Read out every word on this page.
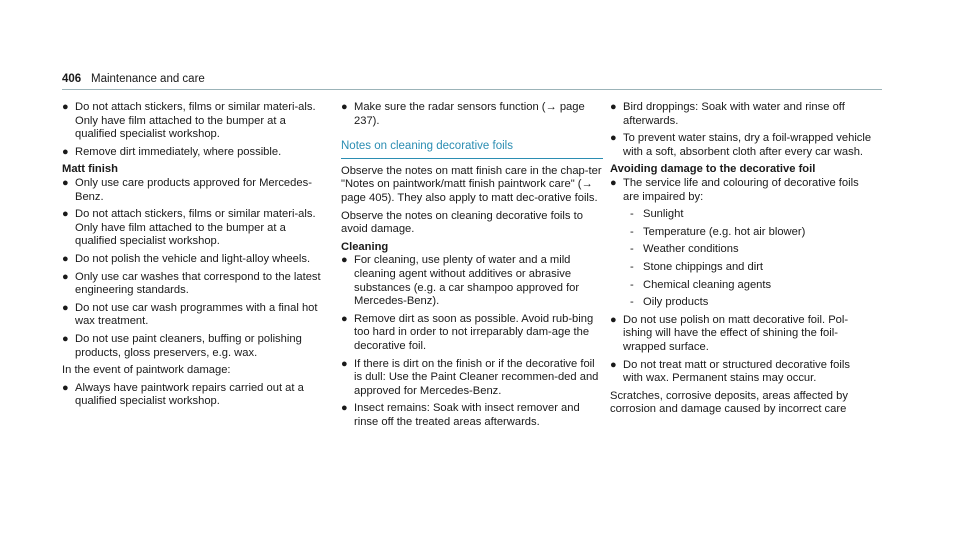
406 Maintenance and care
● Do not attach stickers, films or similar materi-als. Only have film attached to the bumper at a qualified specialist workshop.
● Remove dirt immediately, where possible.
Matt finish
● Only use care products approved for Mercedes-Benz.
● Do not attach stickers, films or similar materi-als. Only have film attached to the bumper at a qualified specialist workshop.
● Do not polish the vehicle and light-alloy wheels.
● Only use car washes that correspond to the latest engineering standards.
● Do not use car wash programmes with a final hot wax treatment.
● Do not use paint cleaners, buffing or polishing products, gloss preservers, e.g. wax.
In the event of paintwork damage:
● Always have paintwork repairs carried out at a qualified specialist workshop.
● Make sure the radar sensors function (→ page 237).
Notes on cleaning decorative foils
Observe the notes on matt finish care in the chap-ter "Notes on paintwork/matt finish paintwork care" (→ page 405). They also apply to matt dec-orative foils.
Observe the notes on cleaning decorative foils to avoid damage.
Cleaning
● For cleaning, use plenty of water and a mild cleaning agent without additives or abrasive substances (e.g. a car shampoo approved for Mercedes-Benz).
● Remove dirt as soon as possible. Avoid rub-bing too hard in order to not irreparably dam-age the decorative foil.
● If there is dirt on the finish or if the decorative foil is dull: Use the Paint Cleaner recommen-ded and approved for Mercedes-Benz.
● Insect remains: Soak with insect remover and rinse off the treated areas afterwards.
● Bird droppings: Soak with water and rinse off afterwards.
● To prevent water stains, dry a foil-wrapped vehicle with a soft, absorbent cloth after every car wash.
Avoiding damage to the decorative foil
● The service life and colouring of decorative foils are impaired by:
- Sunlight
- Temperature (e.g. hot air blower)
- Weather conditions
- Stone chippings and dirt
- Chemical cleaning agents
- Oily products
● Do not use polish on matt decorative foil. Pol-ishing will have the effect of shining the foil-wrapped surface.
● Do not treat matt or structured decorative foils with wax. Permanent stains may occur.
Scratches, corrosive deposits, areas affected by corrosion and damage caused by incorrect care
